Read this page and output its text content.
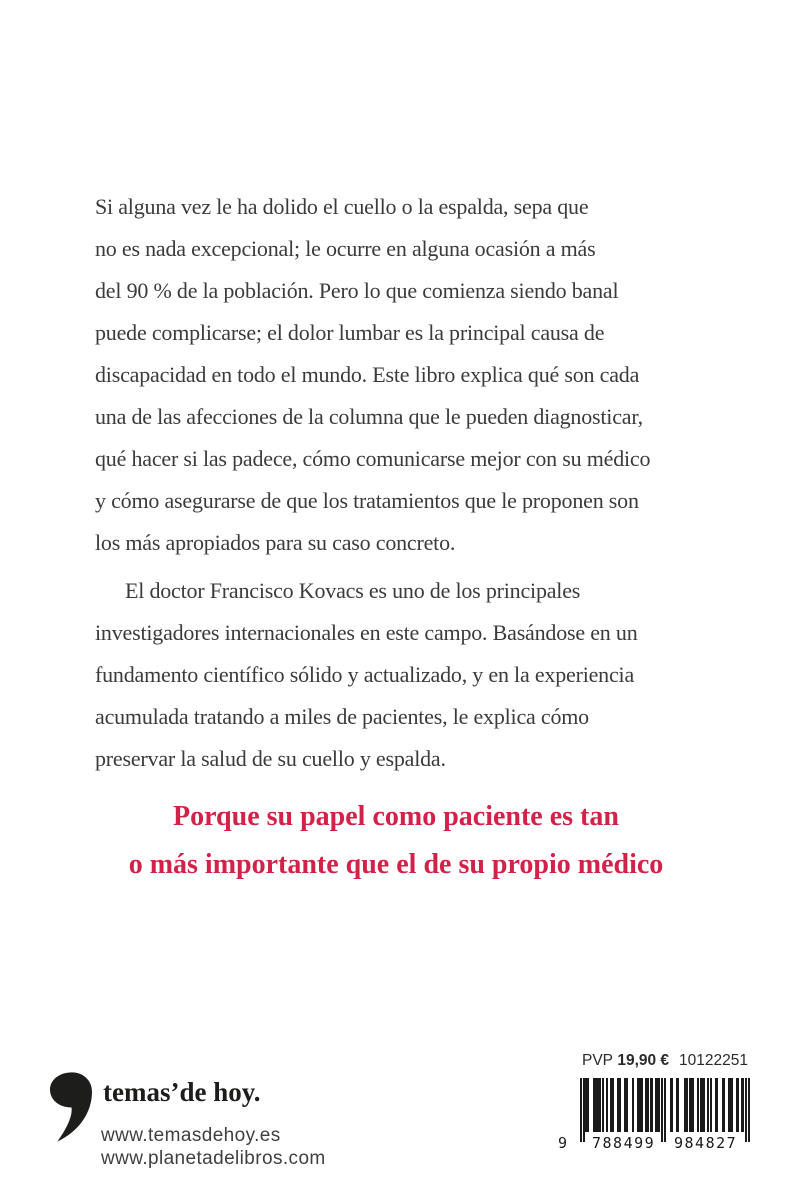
Si alguna vez le ha dolido el cuello o la espalda, sepa que
no es nada excepcional; le ocurre en alguna ocasión a más
del 90 % de la población. Pero lo que comienza siendo banal
puede complicarse; el dolor lumbar es la principal causa de
discapacidad en todo el mundo. Este libro explica qué son cada
una de las afecciones de la columna que le pueden diagnosticar,
qué hacer si las padece, cómo comunicarse mejor con su médico
y cómo asegurarse de que los tratamientos que le proponen son
los más apropiados para su caso concreto.
El doctor Francisco Kovacs es uno de los principales
investigadores internacionales en este campo. Basándose en un
fundamento científico sólido y actualizado, y en la experiencia
acumulada tratando a miles de pacientes, le explica cómo
preservar la salud de su cuello y espalda.
Porque su papel como paciente es tan
o más importante que el de su propio médico
temas’de hoy.
www.temasdehoy.es
www.planetadelibros.com
PVP 19,90 € 10122251
9 788499 984827
